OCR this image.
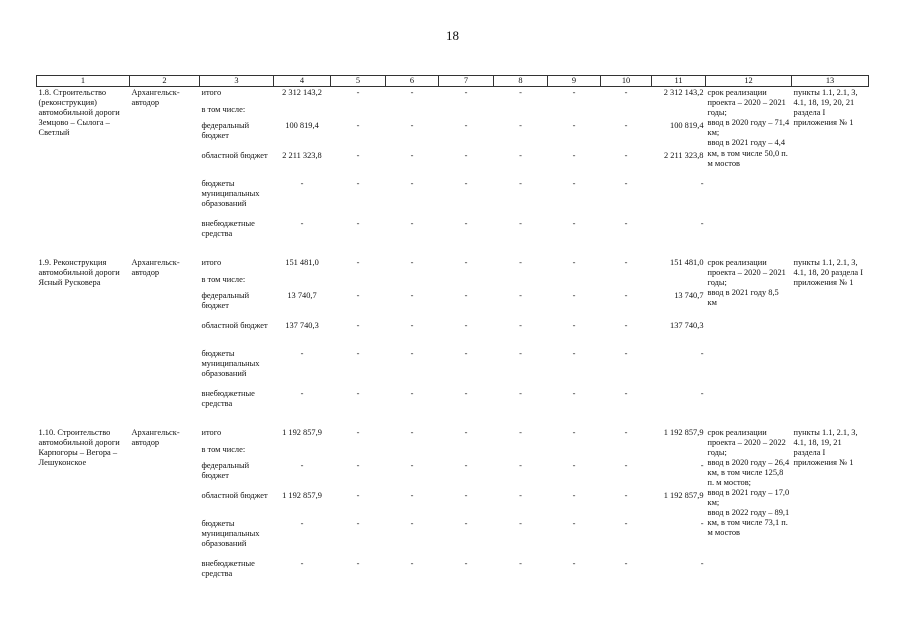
18
1	2	3	4	5	6	7	8	9	10	11	12	13

1.8. Строительство (реконструкция) автомобильной дороги Земцово – Сылога – Светлый	Архангельск-автодор	итого	2 312 143,2	-	-	-	-	-	-	2 312 143,2	срок реализации проекта – 2020 – 2021 годы;
ввод в 2020 году – 71,4 км;
ввод в 2021 году – 4,4 км, в том числе 50,0 п. м мостов	пункты 1.1, 2.1, 3, 4.1, 18, 19, 20, 21 раздела I приложения № 1

		в том числе:										
		федеральный бюджет	100 819,4	-	-	-	-	-	-	100 819,4		
		областной бюджет	2 211 323,8	-	-	-	-	-	-	2 211 323,8		
		бюджеты муниципальных образований	-	-	-	-	-	-	-	-		
		внебюджетные средства	-	-	-	-	-	-	-	-		

1.9. Реконструкция автомобильной дороги Ясный Русковера	Архангельск-автодор	итого	151 481,0	-	-	-	-	-	-	151 481,0	срок реализации проекта – 2020 – 2021 годы;
ввод в 2021 году 8,5 км	пункты 1.1, 2.1, 3, 4.1, 18, 20 раздела I приложения № 1

		в том числе:										
		федеральный бюджет	13 740,7	-	-	-	-	-	-	13 740,7		
		областной бюджет	137 740,3	-	-	-	-	-	-	137 740,3		
		бюджеты муниципальных образований	-	-	-	-	-	-	-	-		
		внебюджетные средства	-	-	-	-	-	-	-	-		

1.10. Строительство автомобильной дороги Карпогоры – Вегора – Лешуконское	Архангельск-автодор	итого	1 192 857,9	-	-	-	-	-	-	1 192 857,9	срок реализации проекта – 2020 – 2022 годы;
ввод в 2020 году – 26,4 км, в том числе 125,8 п. м мостов;
ввод в 2021 году – 17,0 км;
ввод в 2022 году – 89,1 км, в том числе 73,1 п. м мостов	пункты 1.1, 2.1, 3, 4.1, 18, 19, 21 раздела I приложения № 1

		в том числе:										
		федеральный бюджет	-	-	-	-	-	-	-	-		
		областной бюджет	1 192 857,9	-	-	-	-	-	-	1 192 857,9		
		бюджеты муниципальных образований	-	-	-	-	-	-	-	-		
		внебюджетные средства	-	-	-	-	-	-	-	-		
